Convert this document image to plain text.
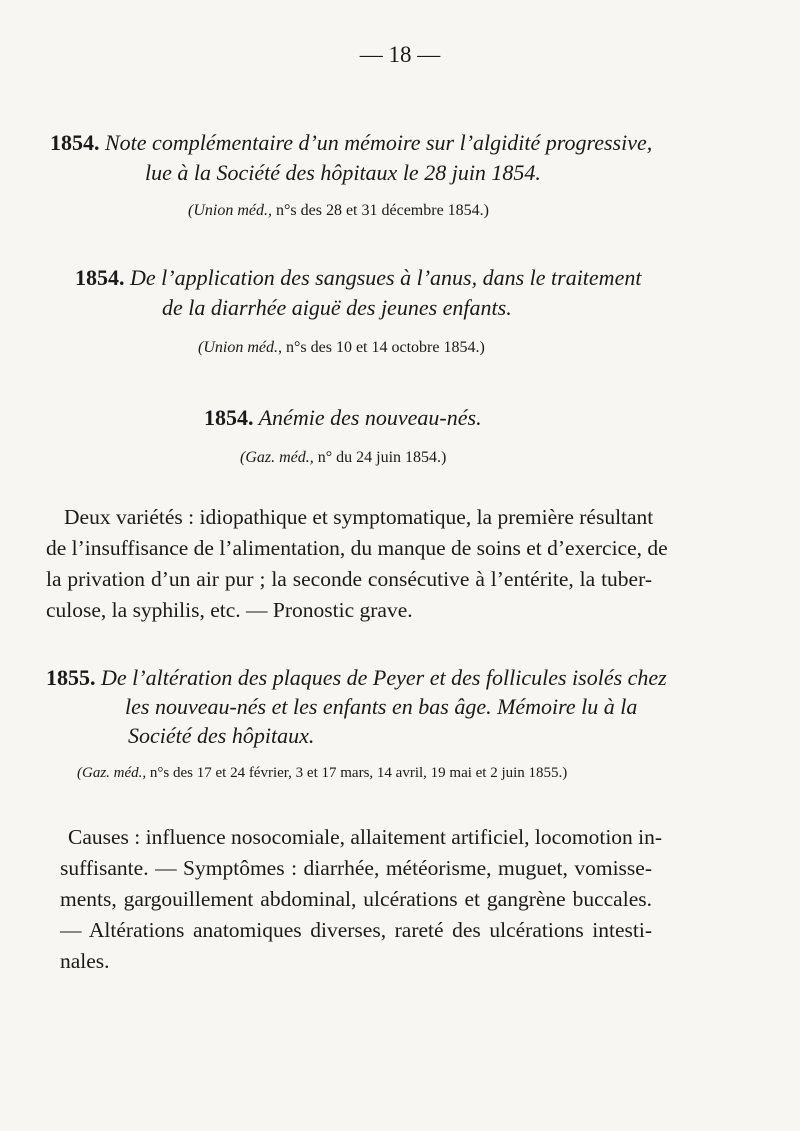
— 18 —
1854. Note complémentaire d’un mémoire sur l’algidité progressive,
lue à la Société des hôpitaux le 28 juin 1854.
(Union méd., n°s des 28 et 31 décembre 1854.)
1854. De l’application des sangsues à l’anus, dans le traitement
de la diarrhée aiguë des jeunes enfants.
(Union méd., n°s des 10 et 14 octobre 1854.)
1854. Anémie des nouveau-nés.
(Gaz. méd., n° du 24 juin 1854.)
Deux variétés : idiopathique et symptomatique, la première résultant
de l’insuffisance de l’alimentation, du manque de soins et d’exercice, de
la privation d’un air pur ; la seconde consécutive à l’entérite, la tuber-
culose, la syphilis, etc. — Pronostic grave.
1855. De l’altération des plaques de Peyer et des follicules isolés chez
les nouveau-nés et les enfants en bas âge. Mémoire lu à la
Société des hôpitaux.
(Gaz. méd., n°s des 17 et 24 février, 3 et 17 mars, 14 avril, 19 mai et 2 juin 1855.)
Causes : influence nosocomiale, allaitement artificiel, locomotion in-
suffisante. — Symptômes : diarrhée, météorisme, muguet, vomisse-
ments, gargouillement abdominal, ulcérations et gangrène buccales.
— Altérations anatomiques diverses, rareté des ulcérations intesti-
nales.
